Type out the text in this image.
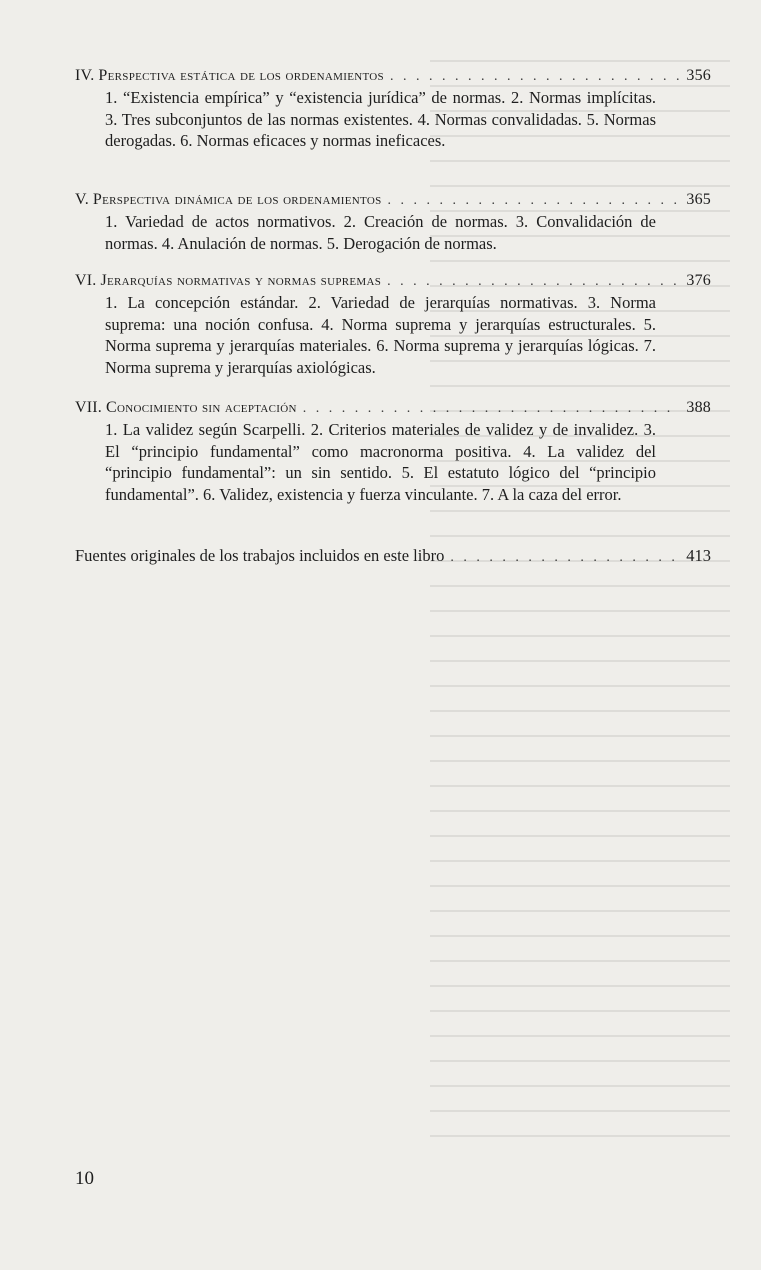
IV. Perspectiva estática de los ordenamientos . . .	356
1. “Existencia empírica” y “existencia jurídica” de normas. 2. Normas implícitas. 3. Tres subconjuntos de las normas existentes. 4. Normas convalidadas. 5. Normas derogadas. 6. Normas eficaces y normas ineficaces.
V. Perspectiva dinámica de los ordenamientos . . .	365
1. Variedad de actos normativos. 2. Creación de normas. 3. Convalidación de normas. 4. Anulación de normas. 5. Derogación de normas.
VI. Jerarquías normativas y normas supremas . . .	376
1. La concepción estándar. 2. Variedad de jerarquías normativas. 3. Norma suprema: una noción confusa. 4. Norma suprema y jerarquías estructurales. 5. Norma suprema y jerarquías materiales. 6. Norma suprema y jerarquías lógicas. 7. Norma suprema y jerarquías axiológicas.
VII. Conocimiento sin aceptación . . .	388
1. La validez según Scarpelli. 2. Criterios materiales de validez y de invalidez. 3. El “principio fundamental” como macronorma positiva. 4. La validez del “principio fundamental”: un sin sentido. 5. El estatuto lógico del “principio fundamental”. 6. Validez, existencia y fuerza vinculante. 7. A la caza del error.
Fuentes originales de los trabajos incluidos en este libro . . .	413
10
